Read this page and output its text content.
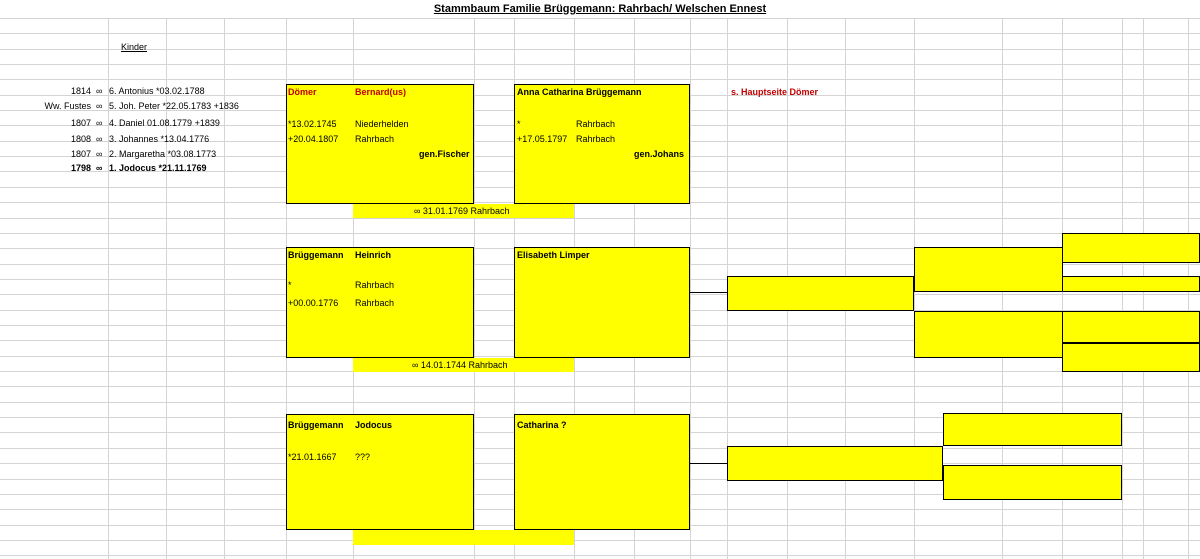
Stammbaum Familie Brüggemann: Rahrbach/ Welschen Ennest
Kinder
1814 ∞ 6. Antonius *03.02.1788
Ww. Fustes ∞ 5. Joh. Peter *22.05.1783 +1836
1807 ∞ 4. Daniel 01.08.1779 +1839
1808 ∞ 3. Johannes *13.04.1776
1807 ∞ 2. Margaretha *03.08.1773
1798 ∞ 1. Jodocus *21.11.1769
Dömer	Bernard(us)
*13.02.1745 Niederhelden
+20.04.1807 Rahrbach
gen.Fischer
Anna Catharina Brüggemann
*	Rahrbach
+17.05.1797 Rahrbach
gen.Johans
s. Hauptseite Dömer
∞ 31.01.1769 Rahrbach
Brüggemann Heinrich
*	Rahrbach
+00.00.1776 Rahrbach
Elisabeth Limper
∞ 14.01.1744 Rahrbach
Brüggemann Jodocus
*21.01.1667 ???
Catharina ?
